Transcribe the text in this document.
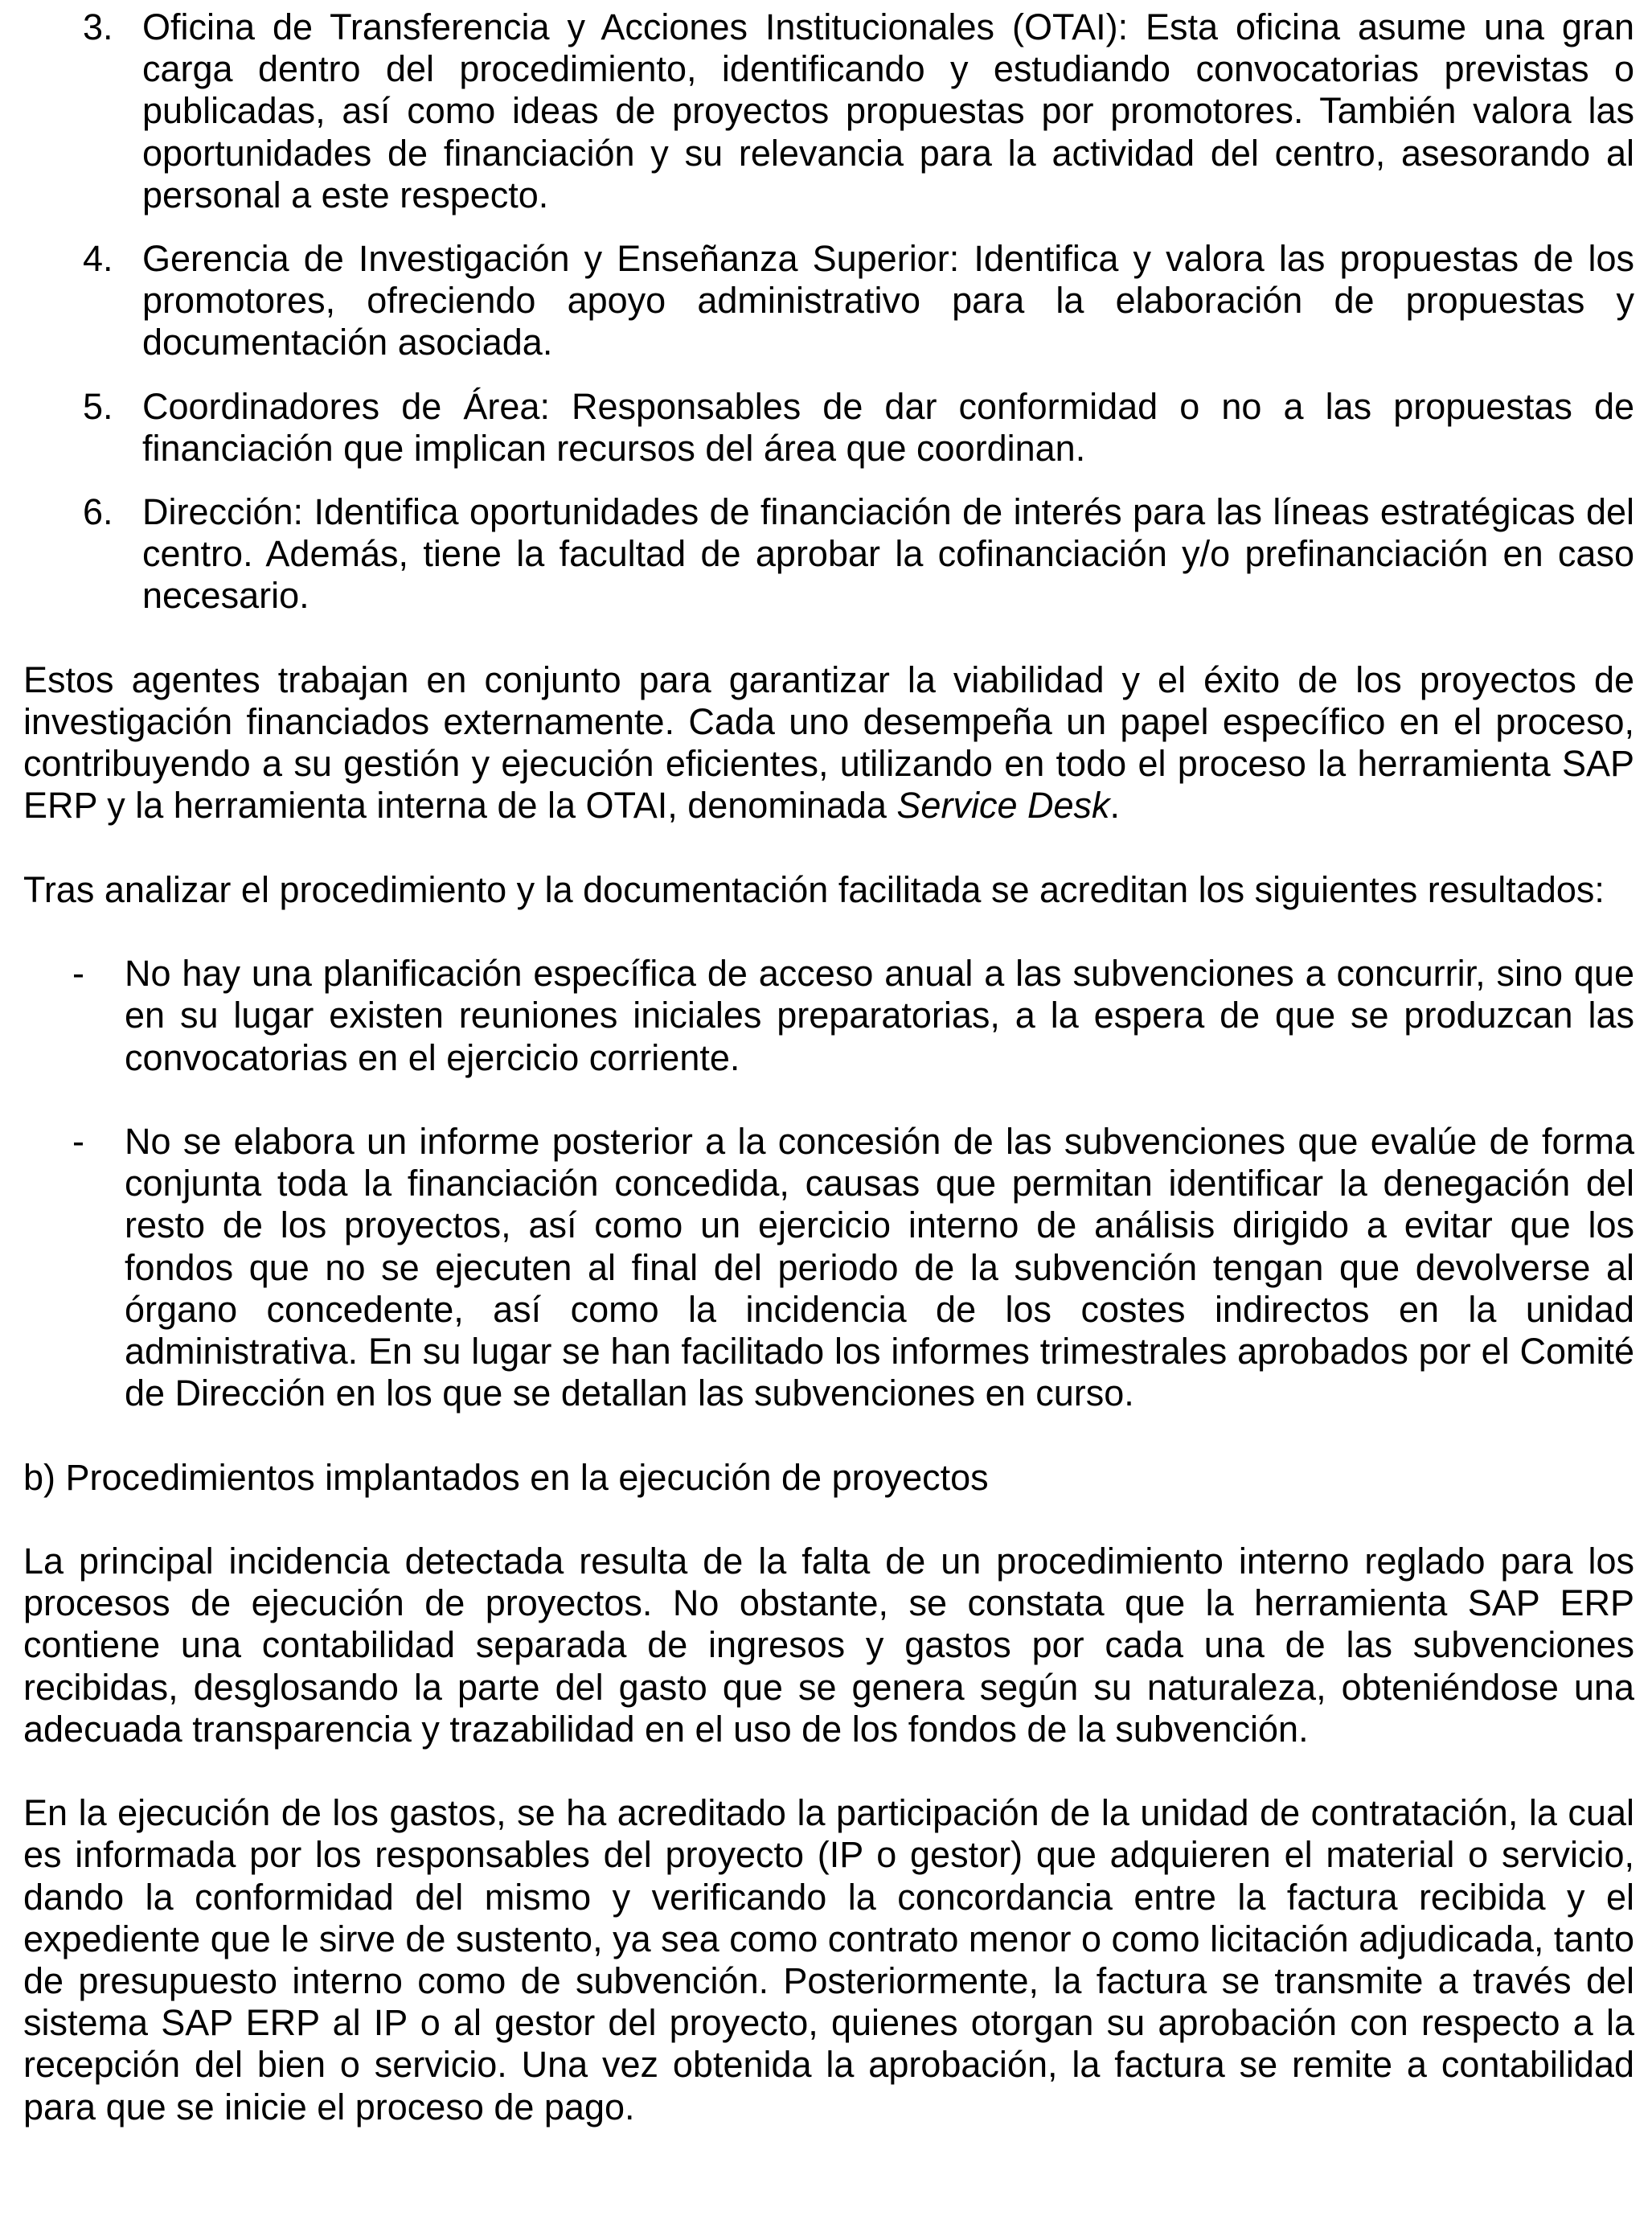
3. Oficina de Transferencia y Acciones Institucionales (OTAI): Esta oficina asume una gran carga dentro del procedimiento, identificando y estudiando convocatorias previstas o publicadas, así como ideas de proyectos propuestas por promotores. También valora las oportunidades de financiación y su relevancia para la actividad del centro, asesorando al personal a este respecto.
4. Gerencia de Investigación y Enseñanza Superior: Identifica y valora las propuestas de los promotores, ofreciendo apoyo administrativo para la elaboración de propuestas y documentación asociada.
5. Coordinadores de Área: Responsables de dar conformidad o no a las propuestas de financiación que implican recursos del área que coordinan.
6. Dirección: Identifica oportunidades de financiación de interés para las líneas estratégicas del centro. Además, tiene la facultad de aprobar la cofinanciación y/o prefinanciación en caso necesario.

Estos agentes trabajan en conjunto para garantizar la viabilidad y el éxito de los proyectos de investigación financiados externamente. Cada uno desempeña un papel específico en el proceso, contribuyendo a su gestión y ejecución eficientes, utilizando en todo el proceso la herramienta SAP ERP y la herramienta interna de la OTAI, denominada Service Desk.

Tras analizar el procedimiento y la documentación facilitada se acreditan los siguientes resultados:

- No hay una planificación específica de acceso anual a las subvenciones a concurrir, sino que en su lugar existen reuniones iniciales preparatorias, a la espera de que se produzcan las convocatorias en el ejercicio corriente.
- No se elabora un informe posterior a la concesión de las subvenciones que evalúe de forma conjunta toda la financiación concedida, causas que permitan identificar la denegación del resto de los proyectos, así como un ejercicio interno de análisis dirigido a evitar que los fondos que no se ejecuten al final del periodo de la subvención tengan que devolverse al órgano concedente, así como la incidencia de los costes indirectos en la unidad administrativa. En su lugar se han facilitado los informes trimestrales aprobados por el Comité de Dirección en los que se detallan las subvenciones en curso.
b) Procedimientos implantados en la ejecución de proyectos

La principal incidencia detectada resulta de la falta de un procedimiento interno reglado para los procesos de ejecución de proyectos. No obstante, se constata que la herramienta SAP ERP contiene una contabilidad separada de ingresos y gastos por cada una de las subvenciones recibidas, desglosando la parte del gasto que se genera según su naturaleza, obteniéndose una adecuada transparencia y trazabilidad en el uso de los fondos de la subvención.

En la ejecución de los gastos, se ha acreditado la participación de la unidad de contratación, la cual es informada por los responsables del proyecto (IP o gestor) que adquieren el material o servicio, dando la conformidad del mismo y verificando la concordancia entre la factura recibida y el expediente que le sirve de sustento, ya sea como contrato menor o como licitación adjudicada, tanto de presupuesto interno como de subvención. Posteriormente, la factura se transmite a través del sistema SAP ERP al IP o al gestor del proyecto, quienes otorgan su aprobación con respecto a la recepción del bien o servicio. Una vez obtenida la aprobación, la factura se remite a contabilidad para que se inicie el proceso de pago.
